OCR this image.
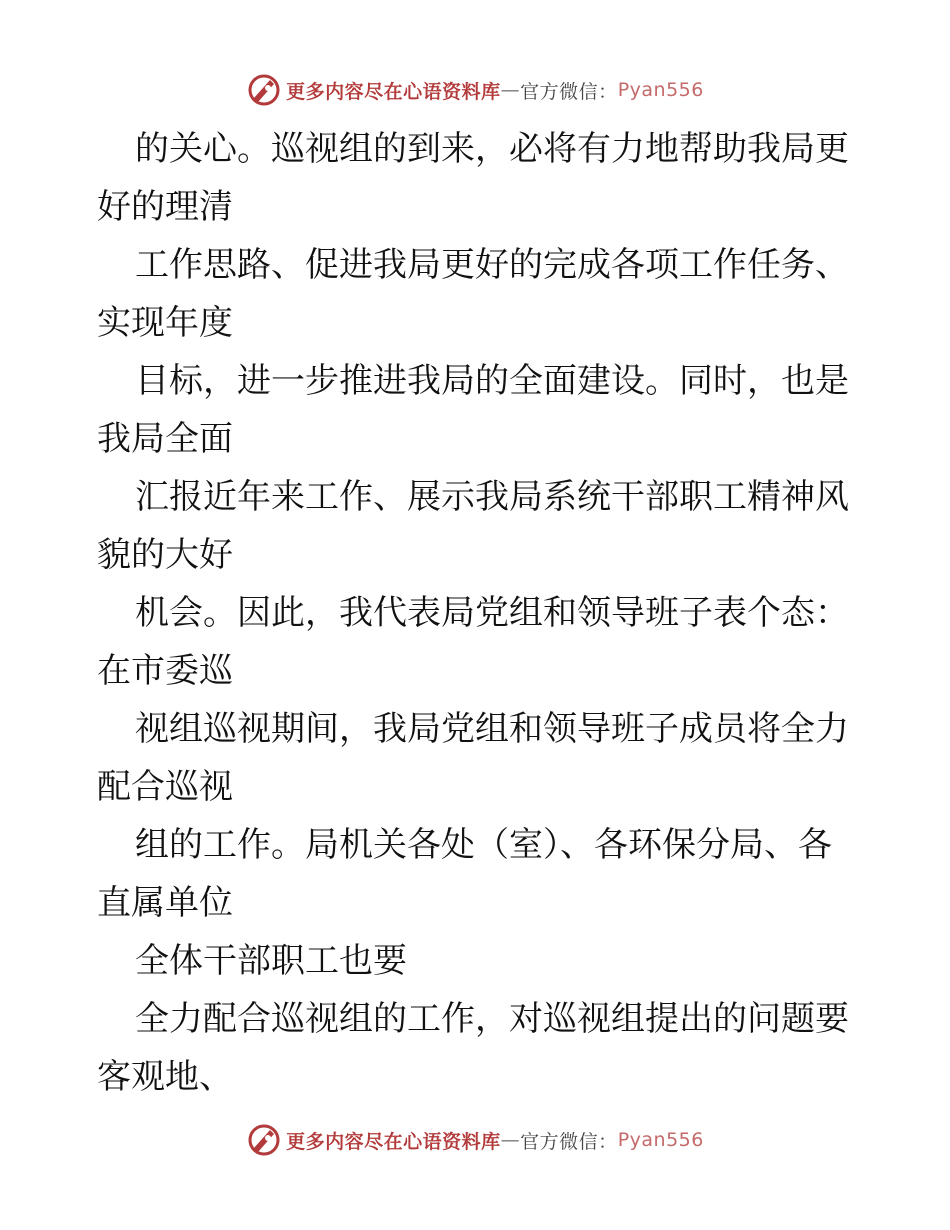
更多内容尽在心语资料库 — 官方微信 ： Pyan556
的关心。巡视组的到来，必将有力地帮助我局更
好的理清
工作思路、促进我局更好的完成各项工作任务、
实现年度
目标，进一步推进我局的全面建设。同时，也是
我局全面
汇报近年来工作、展示我局系统干部职工精神风
貌的大好
机会。因此，我代表局党组和领导班子表个态：
在市委巡
视组巡视期间，我局党组和领导班子成员将全力
配合巡视
组的工作。局机关各处（室）、各环保分局、各
直属单位
全体干部职工也要
全力配合巡视组的工作，对巡视组提出的问题要
客观地、
更多内容尽在心语资料库 — 官方微信 ： Pyan556
